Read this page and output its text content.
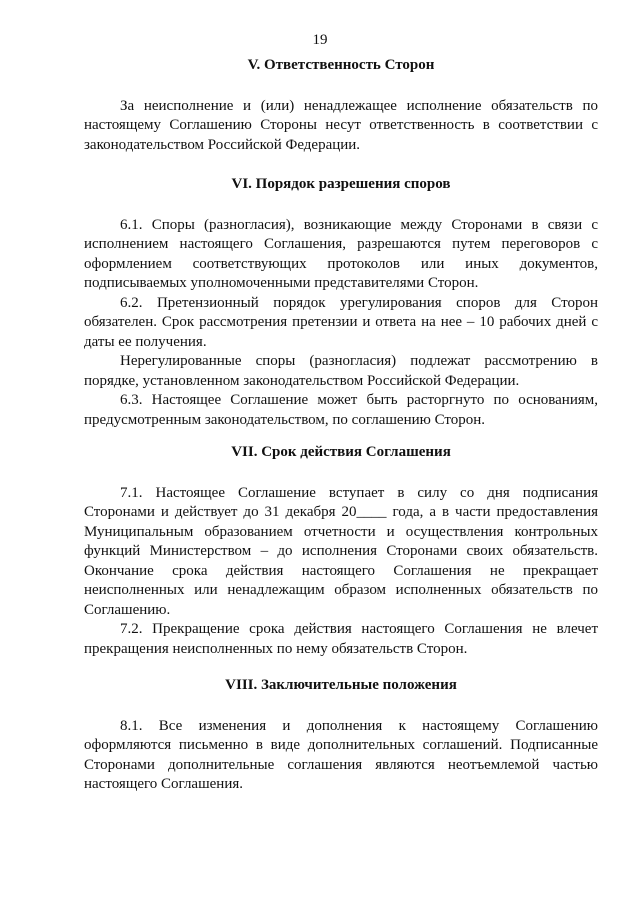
19
V. Ответственность Сторон

За неисполнение и (или) ненадлежащее исполнение обязательств по настоящему Соглашению Стороны несут ответственность в соответствии с законодательством Российской Федерации.

VI. Порядок разрешения споров

6.1. Споры (разногласия), возникающие между Сторонами в связи с исполнением настоящего Соглашения, разрешаются путем переговоров с оформлением соответствующих протоколов или иных документов, подписываемых уполномоченными представителями Сторон.

6.2. Претензионный порядок урегулирования споров для Сторон обязателен. Срок рассмотрения претензии и ответа на нее – 10 рабочих дней с даты ее получения.

Нерегулированные споры (разногласия) подлежат рассмотрению в порядке, установленном законодательством Российской Федерации.

6.3. Настоящее Соглашение может быть расторгнуто по основаниям, предусмотренным законодательством, по соглашению Сторон.

VII. Срок действия Соглашения

7.1. Настоящее Соглашение вступает в силу со дня подписания Сторонами и действует до 31 декабря 20____ года, а в части предоставления Муниципальным образованием отчетности и осуществления контрольных функций Министерством – до исполнения Сторонами своих обязательств. Окончание срока действия настоящего Соглашения не прекращает неисполненных или ненадлежащим образом исполненных обязательств по Соглашению.

7.2. Прекращение срока действия настоящего Соглашения не влечет прекращения неисполненных по нему обязательств Сторон.

VIII. Заключительные положения

8.1. Все изменения и дополнения к настоящему Соглашению оформляются письменно в виде дополнительных соглашений. Подписанные Сторонами дополнительные соглашения являются неотъемлемой частью настоящего Соглашения.
